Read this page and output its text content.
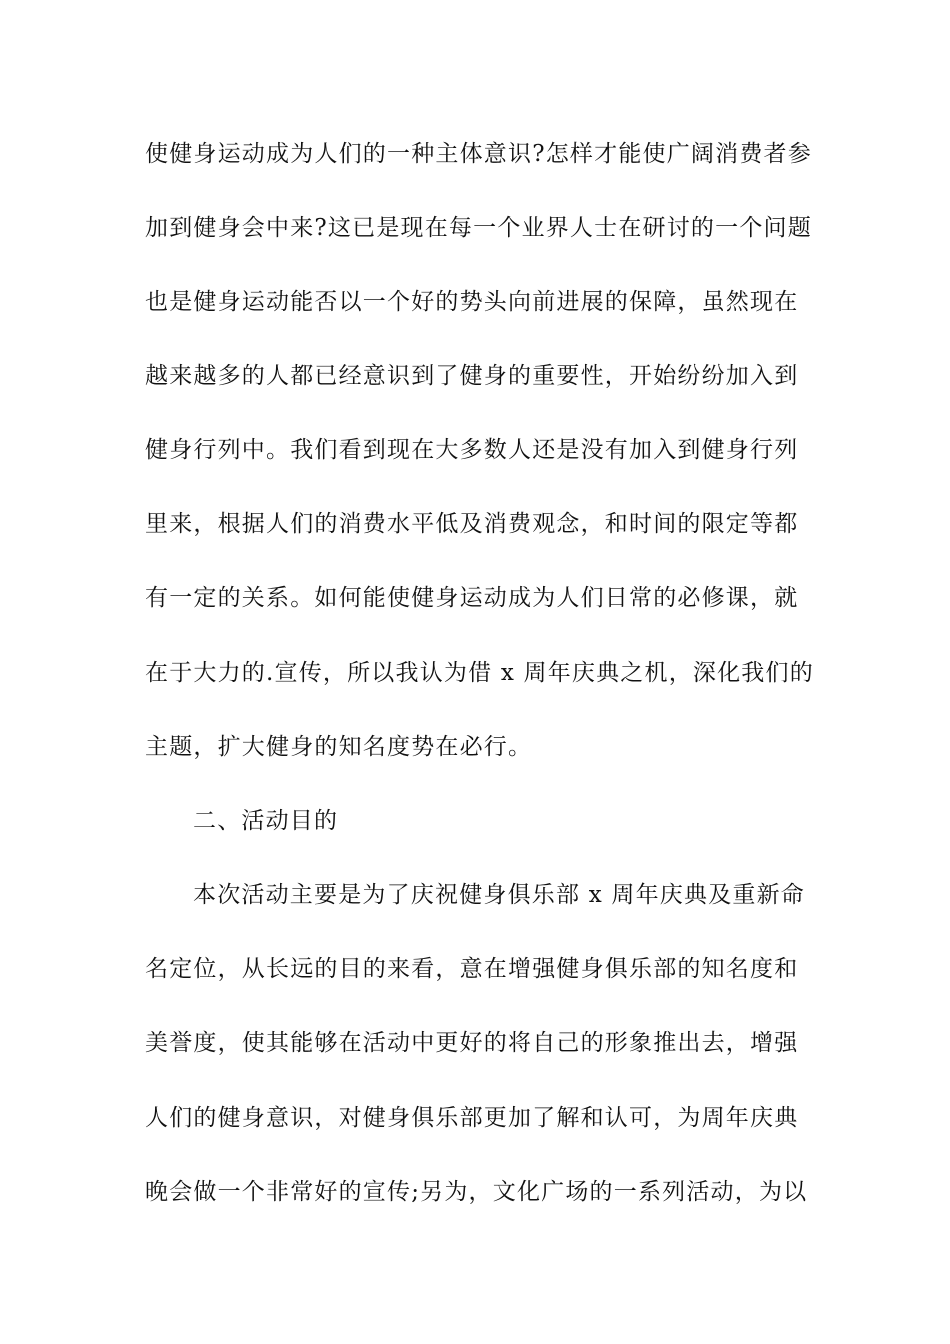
使健身运动成为人们的一种主体意识?怎样才能使广阔消费者参
加到健身会中来?这已是现在每一个业界人士在研讨的一个问题
也是健身运动能否以一个好的势头向前进展的保障，虽然现在
越来越多的人都已经意识到了健身的重要性，开始纷纷加入到
健身行列中。我们看到现在大多数人还是没有加入到健身行列
里来，根据人们的消费水平低及消费观念，和时间的限定等都
有一定的关系。如何能使健身运动成为人们日常的必修课，就
在于大力的.宣传，所以我认为借 x 周年庆典之机，深化我们的
主题，扩大健身的知名度势在必行。
二、活动目的
本次活动主要是为了庆祝健身俱乐部 x 周年庆典及重新命
名定位，从长远的目的来看，意在增强健身俱乐部的知名度和
美誉度，使其能够在活动中更好的将自己的形象推出去，增强
人们的健身意识，对健身俱乐部更加了解和认可，为周年庆典
晚会做一个非常好的宣传;另为，文化广场的一系列活动，为以
